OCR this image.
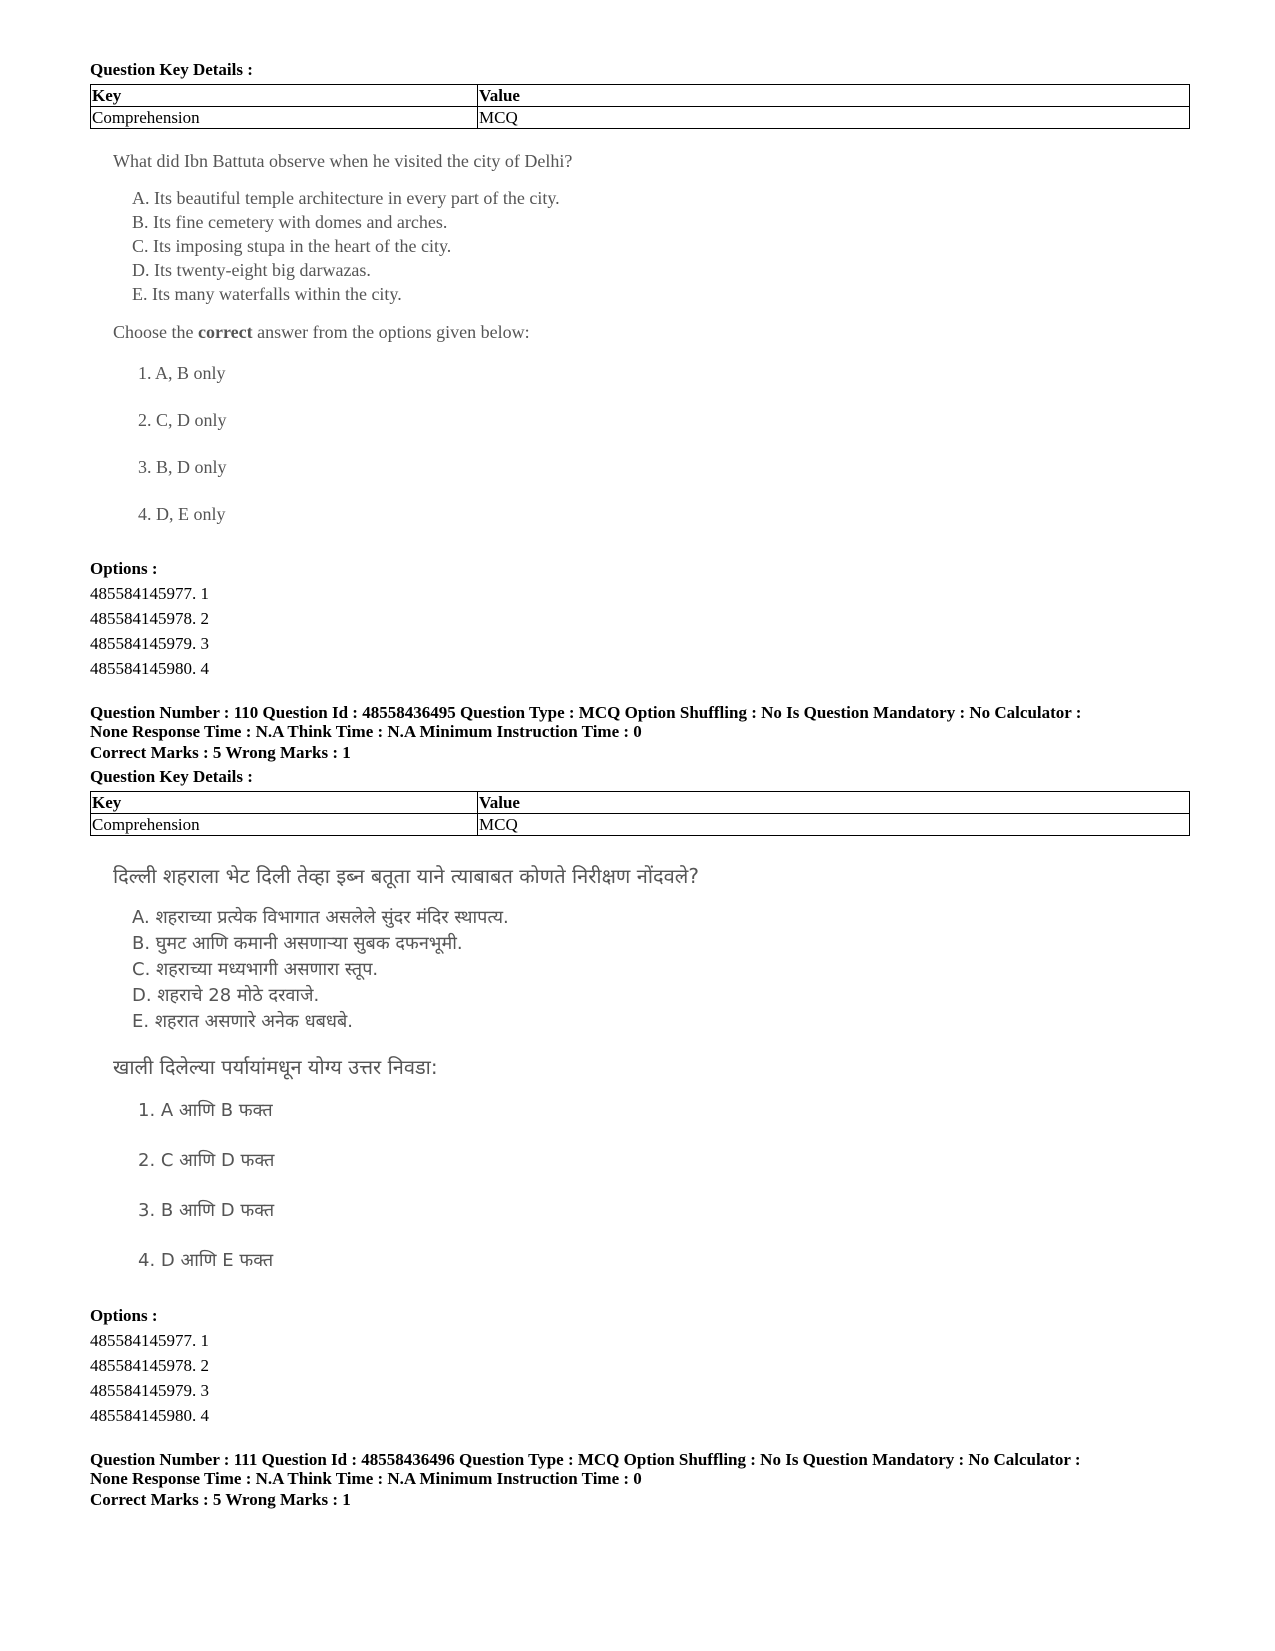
Question Key Details :
Key	Value
Comprehension	MCQ
What did Ibn Battuta observe when he visited the city of Delhi?
A. Its beautiful temple architecture in every part of the city.
B. Its fine cemetery with domes and arches.
C. Its imposing stupa in the heart of the city.
D. Its twenty-eight big darwazas.
E. Its many waterfalls within the city.
Choose the correct answer from the options given below:
1. A, B only
2. C, D only
3. B, D only
4. D, E only
Options :
485584145977. 1
485584145978. 2
485584145979. 3
485584145980. 4
Question Number : 110 Question Id : 48558436495 Question Type : MCQ Option Shuffling : No Is Question Mandatory : No Calculator :
None Response Time : N.A Think Time : N.A Minimum Instruction Time : 0
Correct Marks : 5 Wrong Marks : 1
Question Key Details :
Key	Value
Comprehension	MCQ
दिल्ली शहराला भेट दिली तेव्हा इब्न बतूता याने त्याबाबत कोणते निरीक्षण नोंदवले?
A. शहराच्या प्रत्येक विभागात असलेले सुंदर मंदिर स्थापत्य.
B. घुमट आणि कमानी असणाऱ्या सुबक दफनभूमी.
C. शहराच्या मध्यभागी असणारा स्तूप.
D. शहराचे 28 मोठे दरवाजे.
E. शहरात असणारे अनेक धबधबे.
खाली दिलेल्या पर्यायांमधून योग्य उत्तर निवडा:
1. A आणि B फक्त
2. C आणि D फक्त
3. B आणि D फक्त
4. D आणि E फक्त
Options :
485584145977. 1
485584145978. 2
485584145979. 3
485584145980. 4
Question Number : 111 Question Id : 48558436496 Question Type : MCQ Option Shuffling : No Is Question Mandatory : No Calculator :
None Response Time : N.A Think Time : N.A Minimum Instruction Time : 0
Correct Marks : 5 Wrong Marks : 1
